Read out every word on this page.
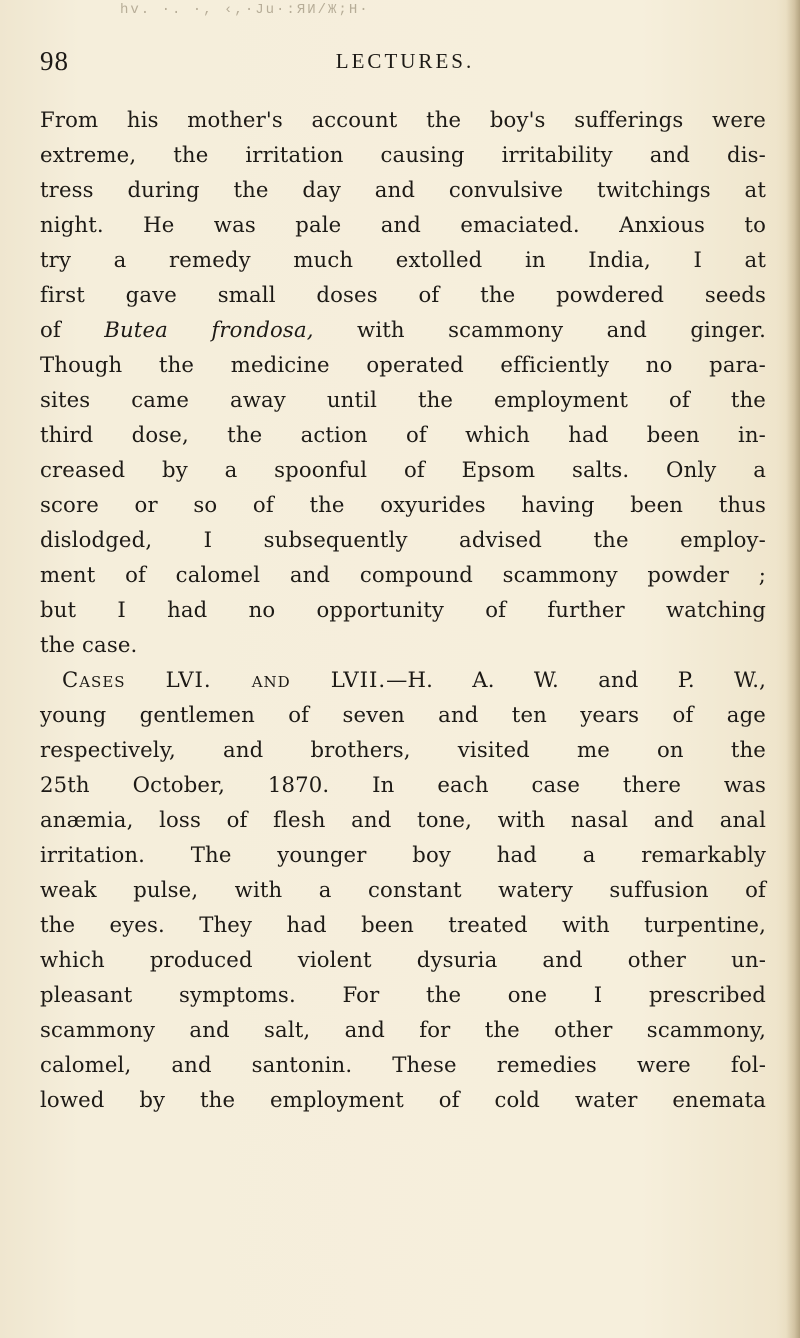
hv. ·. ·, ‹,·Ju·:ЯИ/Ж;Н·
98	LECTURES.
From his mother's account the boy's sufferings were
extreme, the irritation causing irritability and dis-
tress during the day and convulsive twitchings at
night. He was pale and emaciated. Anxious to
try a remedy much extolled in India, I at
first gave small doses of the powdered seeds
of Butea frondosa, with scammony and ginger.
Though the medicine operated efficiently no para-
sites came away until the employment of the
third dose, the action of which had been in-
creased by a spoonful of Epsom salts. Only a
score or so of the oxyurides having been thus
dislodged, I subsequently advised the employ-
ment of calomel and compound scammony powder ;
but I had no opportunity of further watching
the case.
Cases LVI. and LVII.—H. A. W. and P. W.,
young gentlemen of seven and ten years of age
respectively, and brothers, visited me on the
25th October, 1870. In each case there was
anæmia, loss of flesh and tone, with nasal and anal
irritation. The younger boy had a remarkably
weak pulse, with a constant watery suffusion of
the eyes. They had been treated with turpentine,
which produced violent dysuria and other un-
pleasant symptoms. For the one I prescribed
scammony and salt, and for the other scammony,
calomel, and santonin. These remedies were fol-
lowed by the employment of cold water enemata
